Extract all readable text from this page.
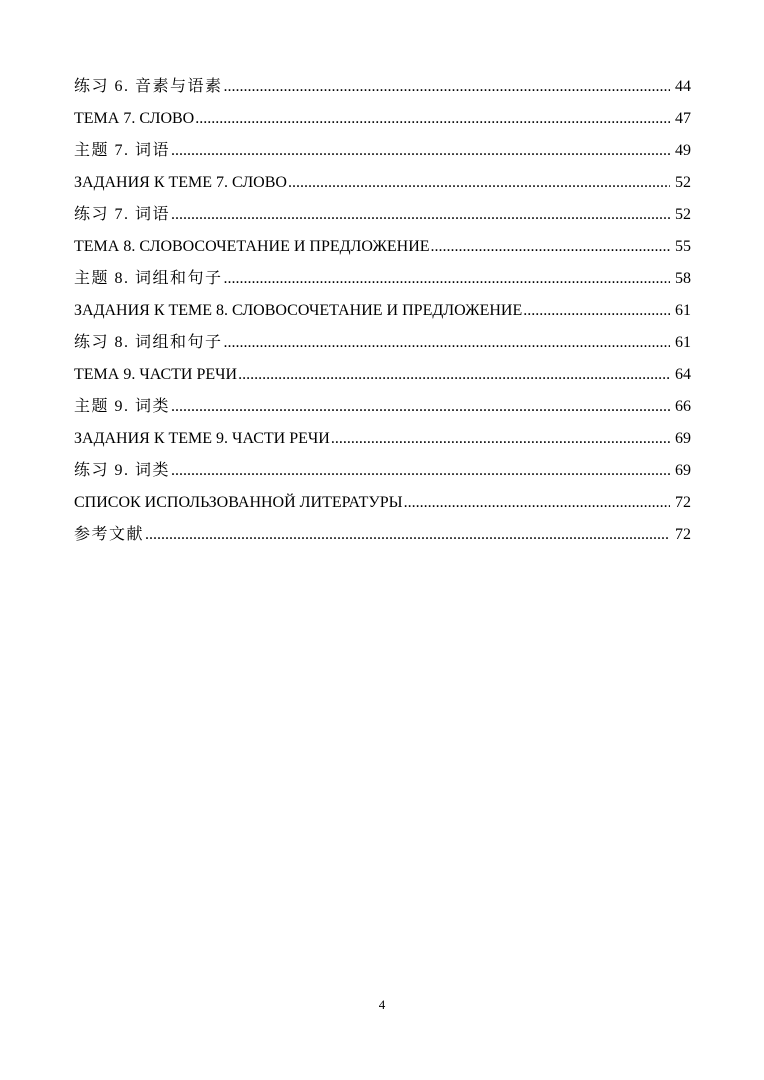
练习 6. 音素与语素 .....	44
ТЕМА 7. СЛОВО .....	47
主题 7. 词语 .....	49
ЗАДАНИЯ К ТЕМЕ 7. СЛОВО .....	52
练习 7. 词语 .....	52
ТЕМА 8. СЛОВОСОЧЕТАНИЕ И ПРЕДЛОЖЕНИЕ .....	55
主题 8. 词组和句子 .....	58
ЗАДАНИЯ К ТЕМЕ 8. СЛОВОСОЧЕТАНИЕ И ПРЕДЛОЖЕНИЕ .....	61
练习 8. 词组和句子 .....	61
ТЕМА 9. ЧАСТИ РЕЧИ .....	64
主题 9. 词类 .....	66
ЗАДАНИЯ К ТЕМЕ 9. ЧАСТИ РЕЧИ .....	69
练习 9. 词类 .....	69
СПИСОК ИСПОЛЬЗОВАННОЙ ЛИТЕРАТУРЫ .....	72
参考文献 .....	72
4
